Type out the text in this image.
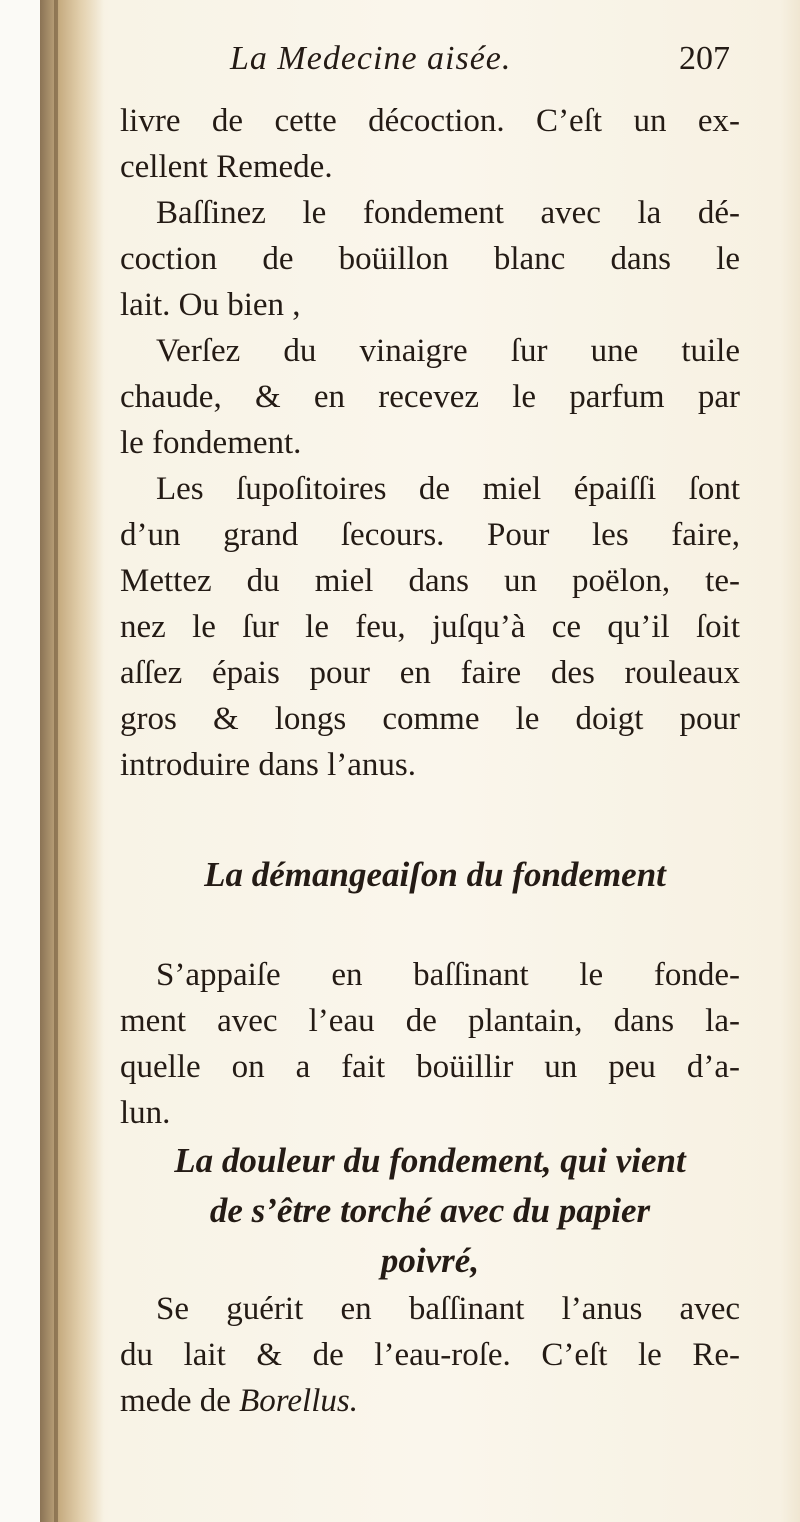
La Medecine aisée.	207

livre de cette décoction. C’eſt un ex-
cellent Remede.

Baſſinez le fondement avec la dé-
coction de boüillon blanc dans le
lait. Ou bien ,

Verſez du vinaigre ſur une tuile
chaude, & en recevez le parfum par
le fondement.

Les ſupoſitoires de miel épaiſſi ſont
d’un grand ſecours. Pour les faire,
Mettez du miel dans un poëlon, te-
nez le ſur le feu, juſqu’à ce qu’il ſoit
aſſez épais pour en faire des rouleaux
gros & longs comme le doigt pour
introduire dans l’anus.

La démangeaiſon du fondement

S’appaiſe en baſſinant le fonde-
ment avec l’eau de plantain, dans la-
quelle on a fait boüillir un peu d’a-
lun.

La douleur du fondement, qui vient
de s’être torché avec du papier
poivré,

Se guérit en baſſinant l’anus avec
du lait & de l’eau-roſe. C’eſt le Re-
mede de Borellus.
